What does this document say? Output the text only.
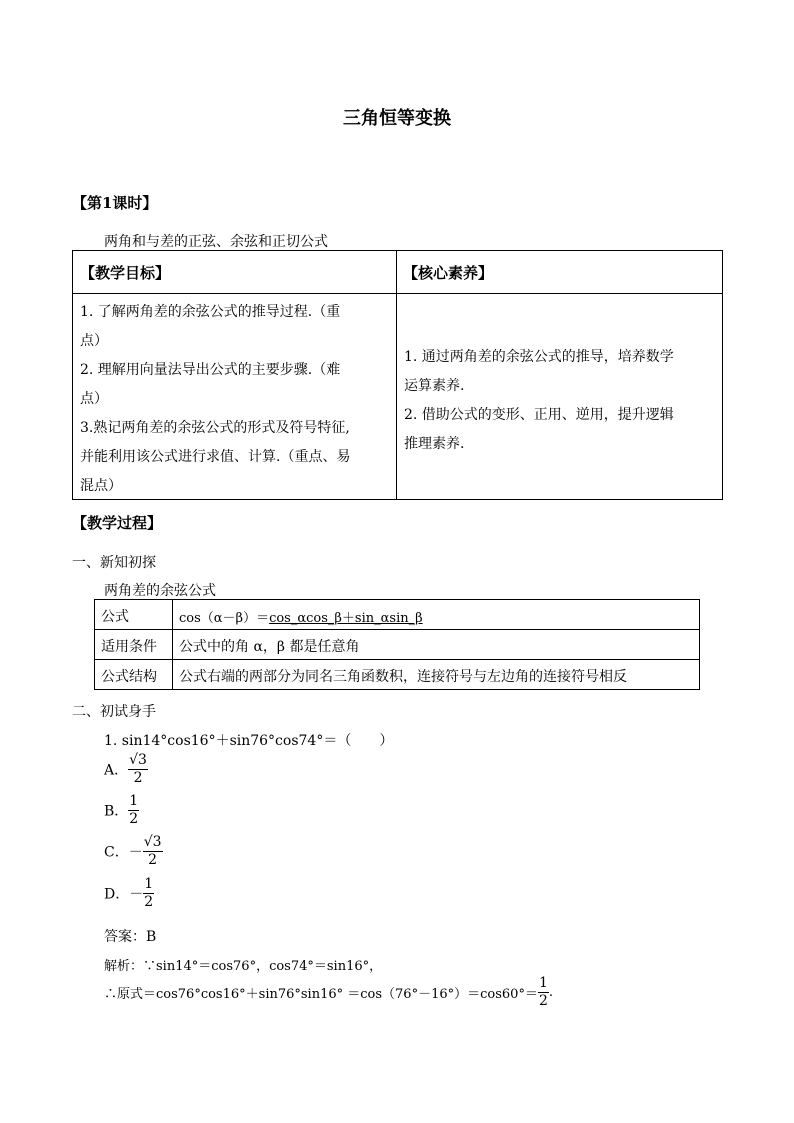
三角恒等变换
【第1课时】
两角和与差的正弦、余弦和正切公式
【教学目标】	【核心素养】
1. 了解两角差的余弦公式的推导过程.（重
点）
2. 理解用向量法导出公式的主要步骤.（难
点）
3.熟记两角差的余弦公式的形式及符号特征,
并能利用该公式进行求值、计算.（重点、易
混点）
1. 通过两角差的余弦公式的推导，培养数学
运算素养.
2. 借助公式的变形、正用、逆用，提升逻辑
推理素养.
【教学过程】
一、新知初探
两角差的余弦公式
公式	cos（α－β）＝cos_αcos_β＋sin_αsin_β
适用条件 公式中的角 α，β 都是任意角
公式结构 公式右端的两部分为同名三角函数积，连接符号与左边角的连接符号相反
二、初试身手
1. sin14°cos16°＋sin76°cos74°＝（　　）
A． $\frac{√3}{2}$
B． $\frac{1}{2}$
C．－ $\frac{√3}{2}$
D．－ $\frac{1}{2}$
答案：B
解析：∵sin14°＝cos76°，cos74°＝sin16°，
∴原式$=\cos 76^\circ\cos 16^\circ+\sin 76^\circ\sin 16^\circ =\cos(76^\circ-16^\circ)=\cos 60^\circ= \frac{1}{2}$ .
